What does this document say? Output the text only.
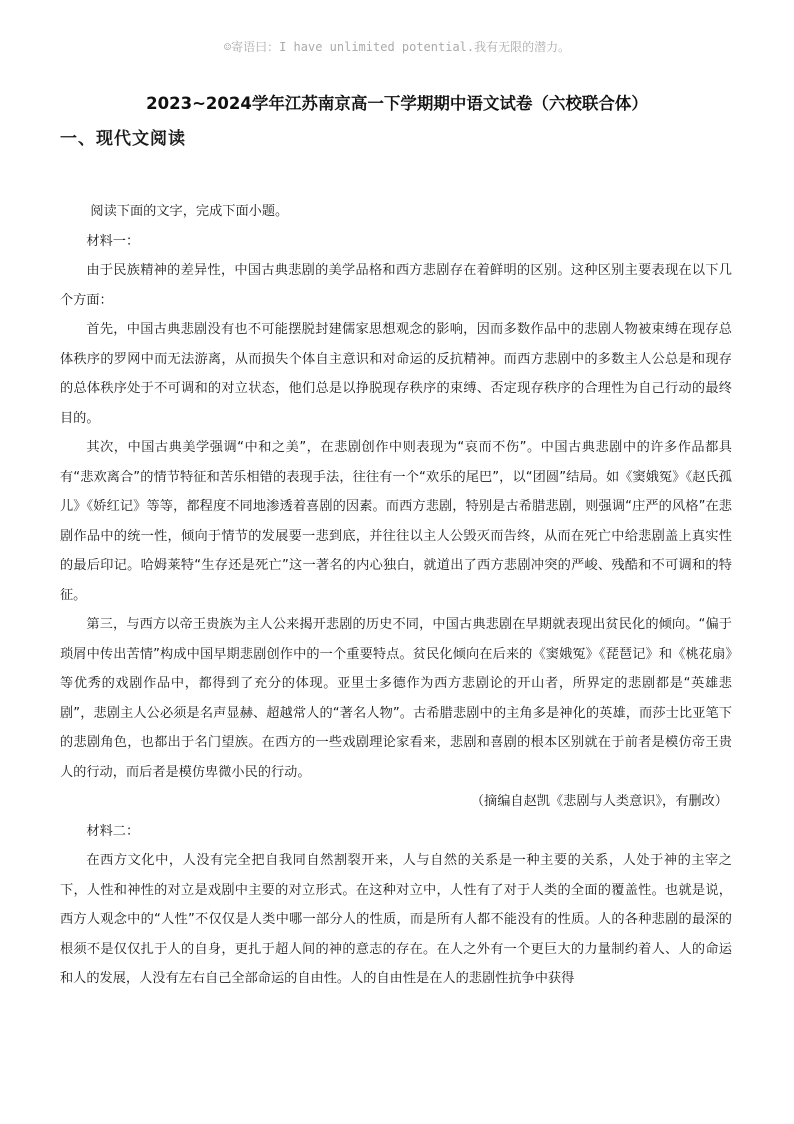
☺寄语曰：I have unlimited potential.我有无限的潜力。
2023~2024学年江苏南京高一下学期期中语文试卷（六校联合体）
一、现代文阅读

阅读下面的文字，完成下面小题。

材料一：

由于民族精神的差异性，中国古典悲剧的美学品格和西方悲剧存在着鲜明的区别。这种区别主要表现在以下几个方面：

首先，中国古典悲剧没有也不可能摆脱封建儒家思想观念的影响，因而多数作品中的悲剧人物被束缚在现存总体秩序的罗网中而无法游离，从而损失个体自主意识和对命运的反抗精神。而西方悲剧中的多数主人公总是和现存的总体秩序处于不可调和的对立状态，他们总是以挣脱现存秩序的束缚、否定现存秩序的合理性为自己行动的最终目的。

其次，中国古典美学强调“中和之美”，在悲剧创作中则表现为“哀而不伤”。中国古典悲剧中的许多作品都具有“悲欢离合”的情节特征和苦乐相错的表现手法，往往有一个“欢乐的尾巴”，以“团圆”结局。如《窦娥冤》《赵氏孤儿》《娇红记》等等，都程度不同地渗透着喜剧的因素。而西方悲剧，特别是古希腊悲剧，则强调“庄严的风格”在悲剧作品中的统一性，倾向于情节的发展要一悲到底，并往往以主人公毁灭而告终，从而在死亡中给悲剧盖上真实性的最后印记。哈姆莱特“生存还是死亡”这一著名的内心独白，就道出了西方悲剧冲突的严峻、残酷和不可调和的特征。

第三，与西方以帝王贵族为主人公来揭开悲剧的历史不同，中国古典悲剧在早期就表现出贫民化的倾向。“偏于琐屑中传出苦情”构成中国早期悲剧创作中的一个重要特点。贫民化倾向在后来的《窦娥冤》《琵琶记》和《桃花扇》等优秀的戏剧作品中，都得到了充分的体现。亚里士多德作为西方悲剧论的开山者，所界定的悲剧都是“英雄悲剧”，悲剧主人公必须是名声显赫、超越常人的“著名人物”。古希腊悲剧中的主角多是神化的英雄，而莎士比亚笔下的悲剧角色，也都出于名门望族。在西方的一些戏剧理论家看来，悲剧和喜剧的根本区别就在于前者是模仿帝王贵人的行动，而后者是模仿卑微小民的行动。

（摘编自赵凯《悲剧与人类意识》，有删改）

材料二：

在西方文化中，人没有完全把自我同自然割裂开来，人与自然的关系是一种主要的关系，人处于神的主宰之下，人性和神性的对立是戏剧中主要的对立形式。在这种对立中，人性有了对于人类的全面的覆盖性。也就是说，西方人观念中的“人性”不仅仅是人类中哪一部分人的性质，而是所有人都不能没有的性质。人的各种悲剧的最深的根须不是仅仅扎于人的自身，更扎于超人间的神的意志的存在。在人之外有一个更巨大的力量制约着人、人的命运和人的发展，人没有左右自己全部命运的自由性。人的自由性是在人的悲剧性抗争中获得
